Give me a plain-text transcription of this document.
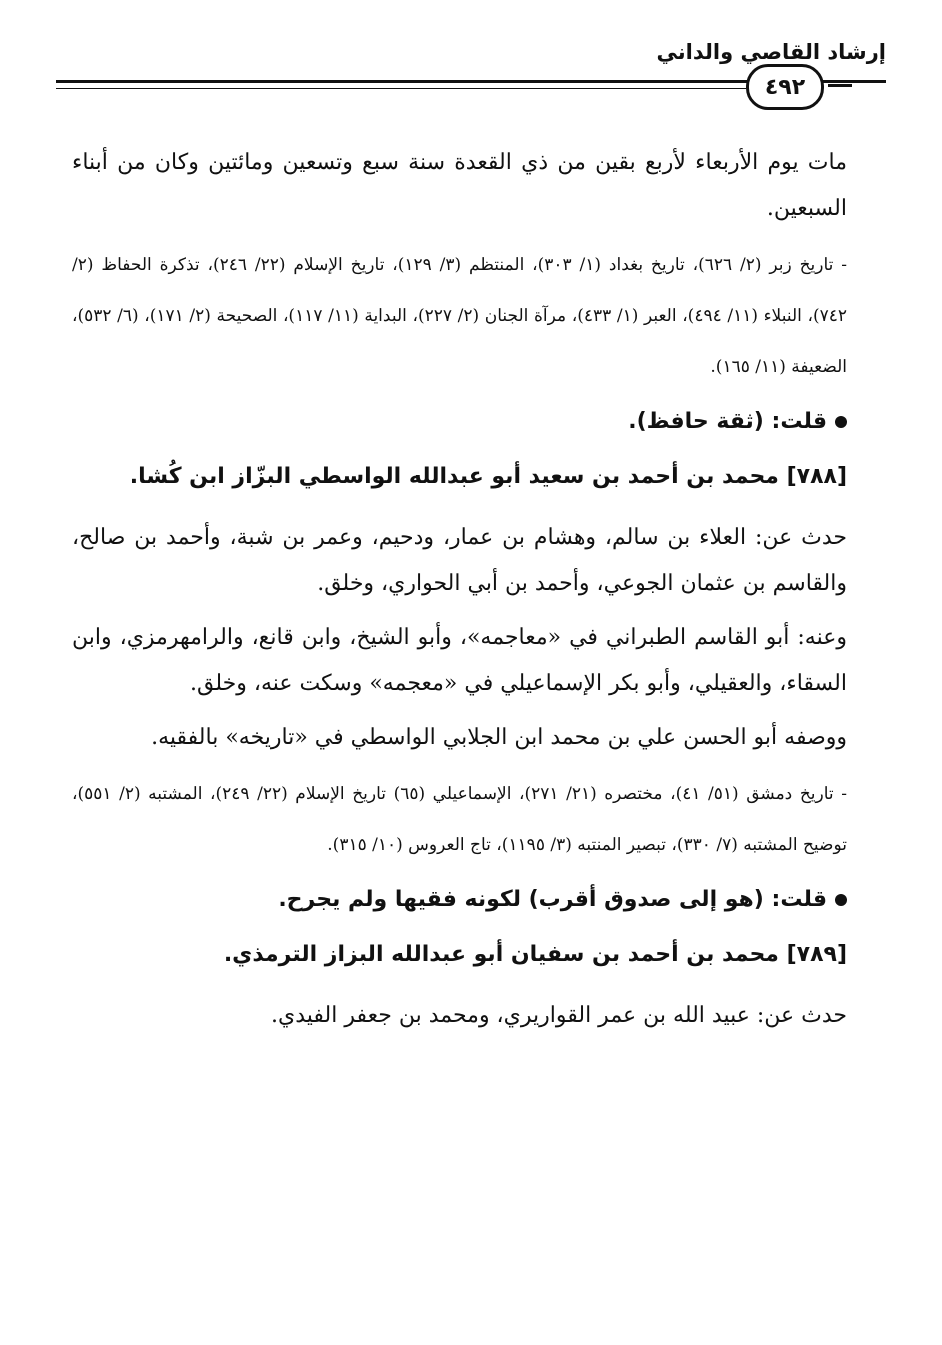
إرشاد القاصي والداني
٤٩٢

مات يوم الأربعاء لأربع بقين من ذي القعدة سنة سبع وتسعين ومائتين وكان من أبناء السبعين.

- تاريخ زبر (٢/ ٦٢٦)، تاريخ بغداد (١/ ٣٠٣)، المنتظم (٣/ ١٢٩)، تاريخ الإسلام (٢٢/ ٢٤٦)، تذكرة الحفاظ (٢/ ٧٤٢)، النبلاء (١١/ ٤٩٤)، العبر (١/ ٤٣٣)، مرآة الجنان (٢/ ٢٢٧)، البداية (١١/ ١١٧)، الصحيحة (٢/ ١٧١)، (٦/ ٥٣٢)، الضعيفة (١١/ ١٦٥).

قلت: (ثقة حافظ).

[٧٨٨] محمد بن أحمد بن سعيد أبو عبدالله الواسطي البزّاز ابن كُشا.

حدث عن: العلاء بن سالم، وهشام بن عمار، ودحيم، وعمر بن شبة، وأحمد بن صالح، والقاسم بن عثمان الجوعي، وأحمد بن أبي الحواري، وخلق.

وعنه: أبو القاسم الطبراني في «معاجمه»، وأبو الشيخ، وابن قانع، والرامهرمزي، وابن السقاء، والعقيلي، وأبو بكر الإسماعيلي في «معجمه» وسكت عنه، وخلق.

ووصفه أبو الحسن علي بن محمد ابن الجلابي الواسطي في «تاريخه» بالفقيه.

- تاريخ دمشق (٥١/ ٤١)، مختصره (٢١/ ٢٧١)، الإسماعيلي (٦٥) تاريخ الإسلام (٢٢/ ٢٤٩)، المشتبه (٢/ ٥٥١)، توضيح المشتبه (٧/ ٣٣٠)، تبصير المنتبه (٣/ ١١٩٥)، تاج العروس (١٠/ ٣١٥).

قلت: (هو إلى صدوق أقرب) لكونه فقيها ولم يجرح.

[٧٨٩] محمد بن أحمد بن سفيان أبو عبدالله البزاز الترمذي.

حدث عن: عبيد الله بن عمر القواريري، ومحمد بن جعفر الفيدي.
